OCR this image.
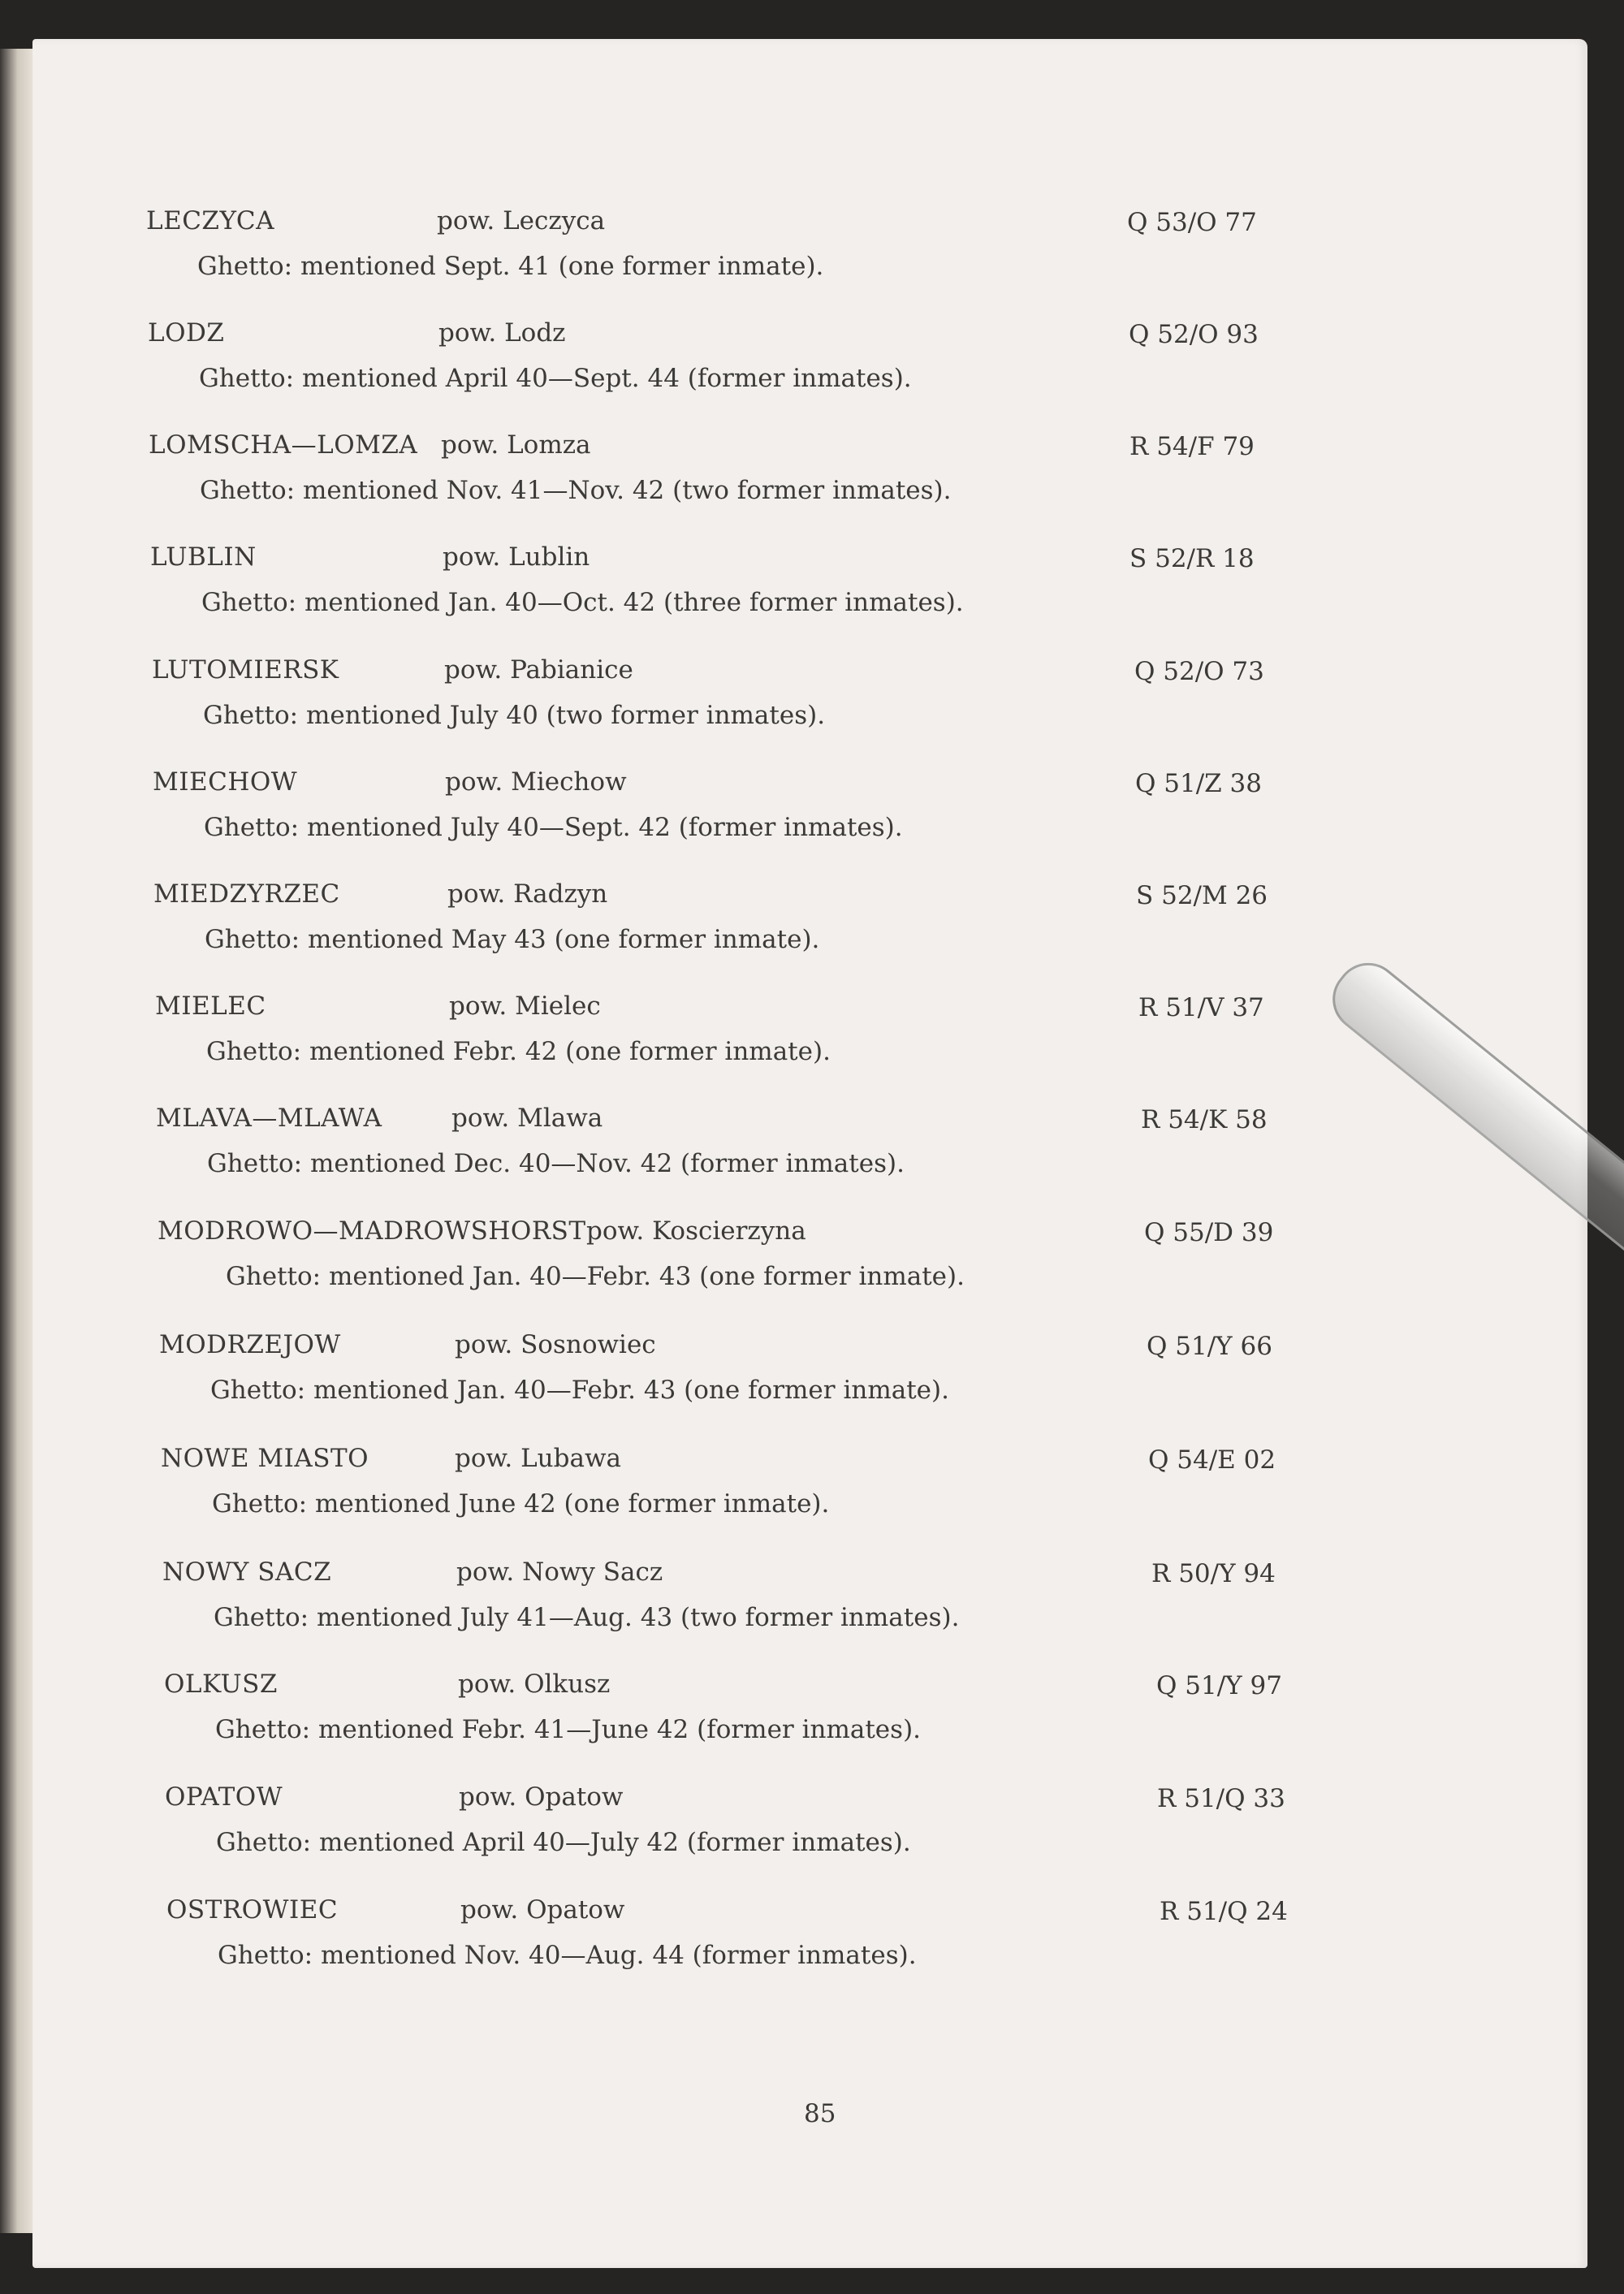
LECZYCA	pow. Leczyca	Q 53/O 77
Ghetto: mentioned Sept. 41 (one former inmate).
LODZ	pow. Lodz	Q 52/O 93
Ghetto: mentioned April 40—Sept. 44 (former inmates).
LOMSCHA—LOMZA pow. Lomza	R 54/F 79
Ghetto: mentioned Nov. 41—Nov. 42 (two former inmates).
LUBLIN	pow. Lublin	S 52/R 18
Ghetto: mentioned Jan. 40—Oct. 42 (three former inmates).
LUTOMIERSK	pow. Pabianice	Q 52/O 73
Ghetto: mentioned July 40 (two former inmates).
MIECHOW	pow. Miechow	Q 51/Z 38
Ghetto: mentioned July 40—Sept. 42 (former inmates).
MIEDZYRZEC	pow. Radzyn	S 52/M 26
Ghetto: mentioned May 43 (one former inmate).
MIELEC	pow. Mielec	R 51/V 37
Ghetto: mentioned Febr. 42 (one former inmate).
MLAVA—MLAWA	pow. Mlawa	R 54/K 58
Ghetto: mentioned Dec. 40—Nov. 42 (former inmates).
MODROWO—MADROWSHORST pow. Koscierzyna	Q 55/D 39
Ghetto: mentioned Jan. 40—Febr. 43 (one former inmate).
MODRZEJOW	pow. Sosnowiec	Q 51/Y 66
Ghetto: mentioned Jan. 40—Febr. 43 (one former inmate).
NOWE MIASTO	pow. Lubawa	Q 54/E 02
Ghetto: mentioned June 42 (one former inmate).
NOWY SACZ	pow. Nowy Sacz	R 50/Y 94
Ghetto: mentioned July 41—Aug. 43 (two former inmates).
OLKUSZ	pow. Olkusz	Q 51/Y 97
Ghetto: mentioned Febr. 41—June 42 (former inmates).
OPATOW	pow. Opatow	R 51/Q 33
Ghetto: mentioned April 40—July 42 (former inmates).
OSTROWIEC	pow. Opatow	R 51/Q 24
Ghetto: mentioned Nov. 40—Aug. 44 (former inmates).
85
